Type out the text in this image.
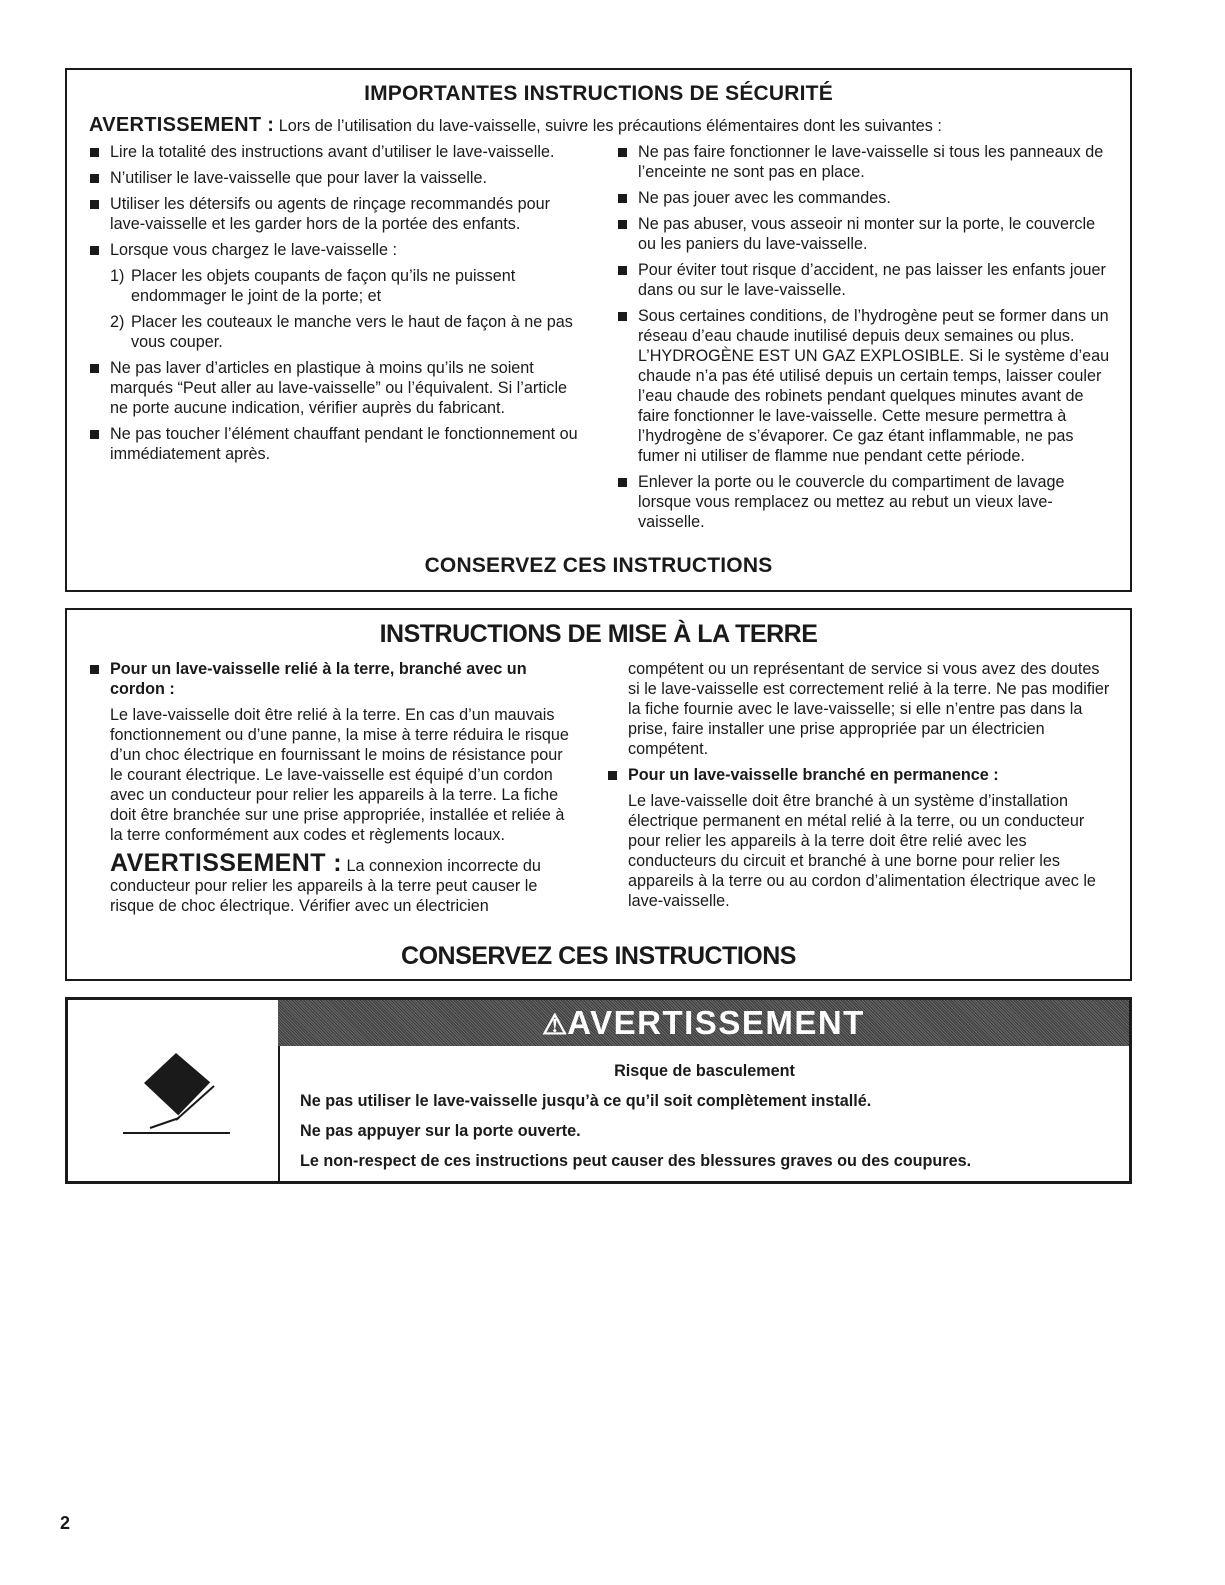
IMPORTANTES INSTRUCTIONS DE SÉCURITÉ
AVERTISSEMENT : Lors de l’utilisation du lave-vaisselle, suivre les précautions élémentaires dont les suivantes :
Lire la totalité des instructions avant d’utiliser le lave-vaisselle.
N’utiliser le lave-vaisselle que pour laver la vaisselle.
Utiliser les détersifs ou agents de rinçage recommandés pour lave-vaisselle et les garder hors de la portée des enfants.
Lorsque vous chargez le lave-vaisselle :
1) Placer les objets coupants de façon qu’ils ne puissent endommager le joint de la porte; et
2) Placer les couteaux le manche vers le haut de façon à ne pas vous couper.
Ne pas laver d’articles en plastique à moins qu’ils ne soient marqués “Peut aller au lave-vaisselle” ou l’équivalent. Si l’article ne porte aucune indication, vérifier auprès du fabricant.
Ne pas toucher l’élément chauffant pendant le fonctionnement ou immédiatement après.
Ne pas faire fonctionner le lave-vaisselle si tous les panneaux de l’enceinte ne sont pas en place.
Ne pas jouer avec les commandes.
Ne pas abuser, vous asseoir ni monter sur la porte, le couvercle ou les paniers du lave-vaisselle.
Pour éviter tout risque d’accident, ne pas laisser les enfants jouer dans ou sur le lave-vaisselle.
Sous certaines conditions, de l’hydrogène peut se former dans un réseau d’eau chaude inutilisé depuis deux semaines ou plus. L’HYDROGÈNE EST UN GAZ EXPLOSIBLE. Si le système d’eau chaude n’a pas été utilisé depuis un certain temps, laisser couler l’eau chaude des robinets pendant quelques minutes avant de faire fonctionner le lave-vaisselle. Cette mesure permettra à l’hydrogène de s’évaporer. Ce gaz étant inflammable, ne pas fumer ni utiliser de flamme nue pendant cette période.
Enlever la porte ou le couvercle du compartiment de lavage lorsque vous remplacez ou mettez au rebut un vieux lave-vaisselle.
CONSERVEZ CES INSTRUCTIONS
INSTRUCTIONS DE MISE À LA TERRE
Pour un lave-vaisselle relié à la terre, branché avec un cordon :
Le lave-vaisselle doit être relié à la terre. En cas d’un mauvais fonctionnement ou d’une panne, la mise à terre réduira le risque d’un choc électrique en fournissant le moins de résistance pour le courant électrique. Le lave-vaisselle est équipé d’un cordon avec un conducteur pour relier les appareils à la terre. La fiche doit être branchée sur une prise appropriée, installée et reliée à la terre conformément aux codes et règlements locaux.
AVERTISSEMENT : La connexion incorrecte du conducteur pour relier les appareils à la terre peut causer le risque de choc électrique. Vérifier avec un électricien
compétent ou un représentant de service si vous avez des doutes si le lave-vaisselle est correctement relié à la terre. Ne pas modifier la fiche fournie avec le lave-vaisselle; si elle n’entre pas dans la prise, faire installer une prise appropriée par un électricien compétent.
Pour un lave-vaisselle branché en permanence :
Le lave-vaisselle doit être branché à un système d’installation électrique permanent en métal relié à la terre, ou un conducteur pour relier les appareils à la terre doit être relié avec les conducteurs du circuit et branché à une borne pour relier les appareils à la terre ou au cordon d’alimentation électrique avec le lave-vaisselle.
CONSERVEZ CES INSTRUCTIONS
⚠AVERTISSEMENT
Risque de basculement
Ne pas utiliser le lave-vaisselle jusqu’à ce qu’il soit complètement installé.
Ne pas appuyer sur la porte ouverte.
Le non-respect de ces instructions peut causer des blessures graves ou des coupures.
2
